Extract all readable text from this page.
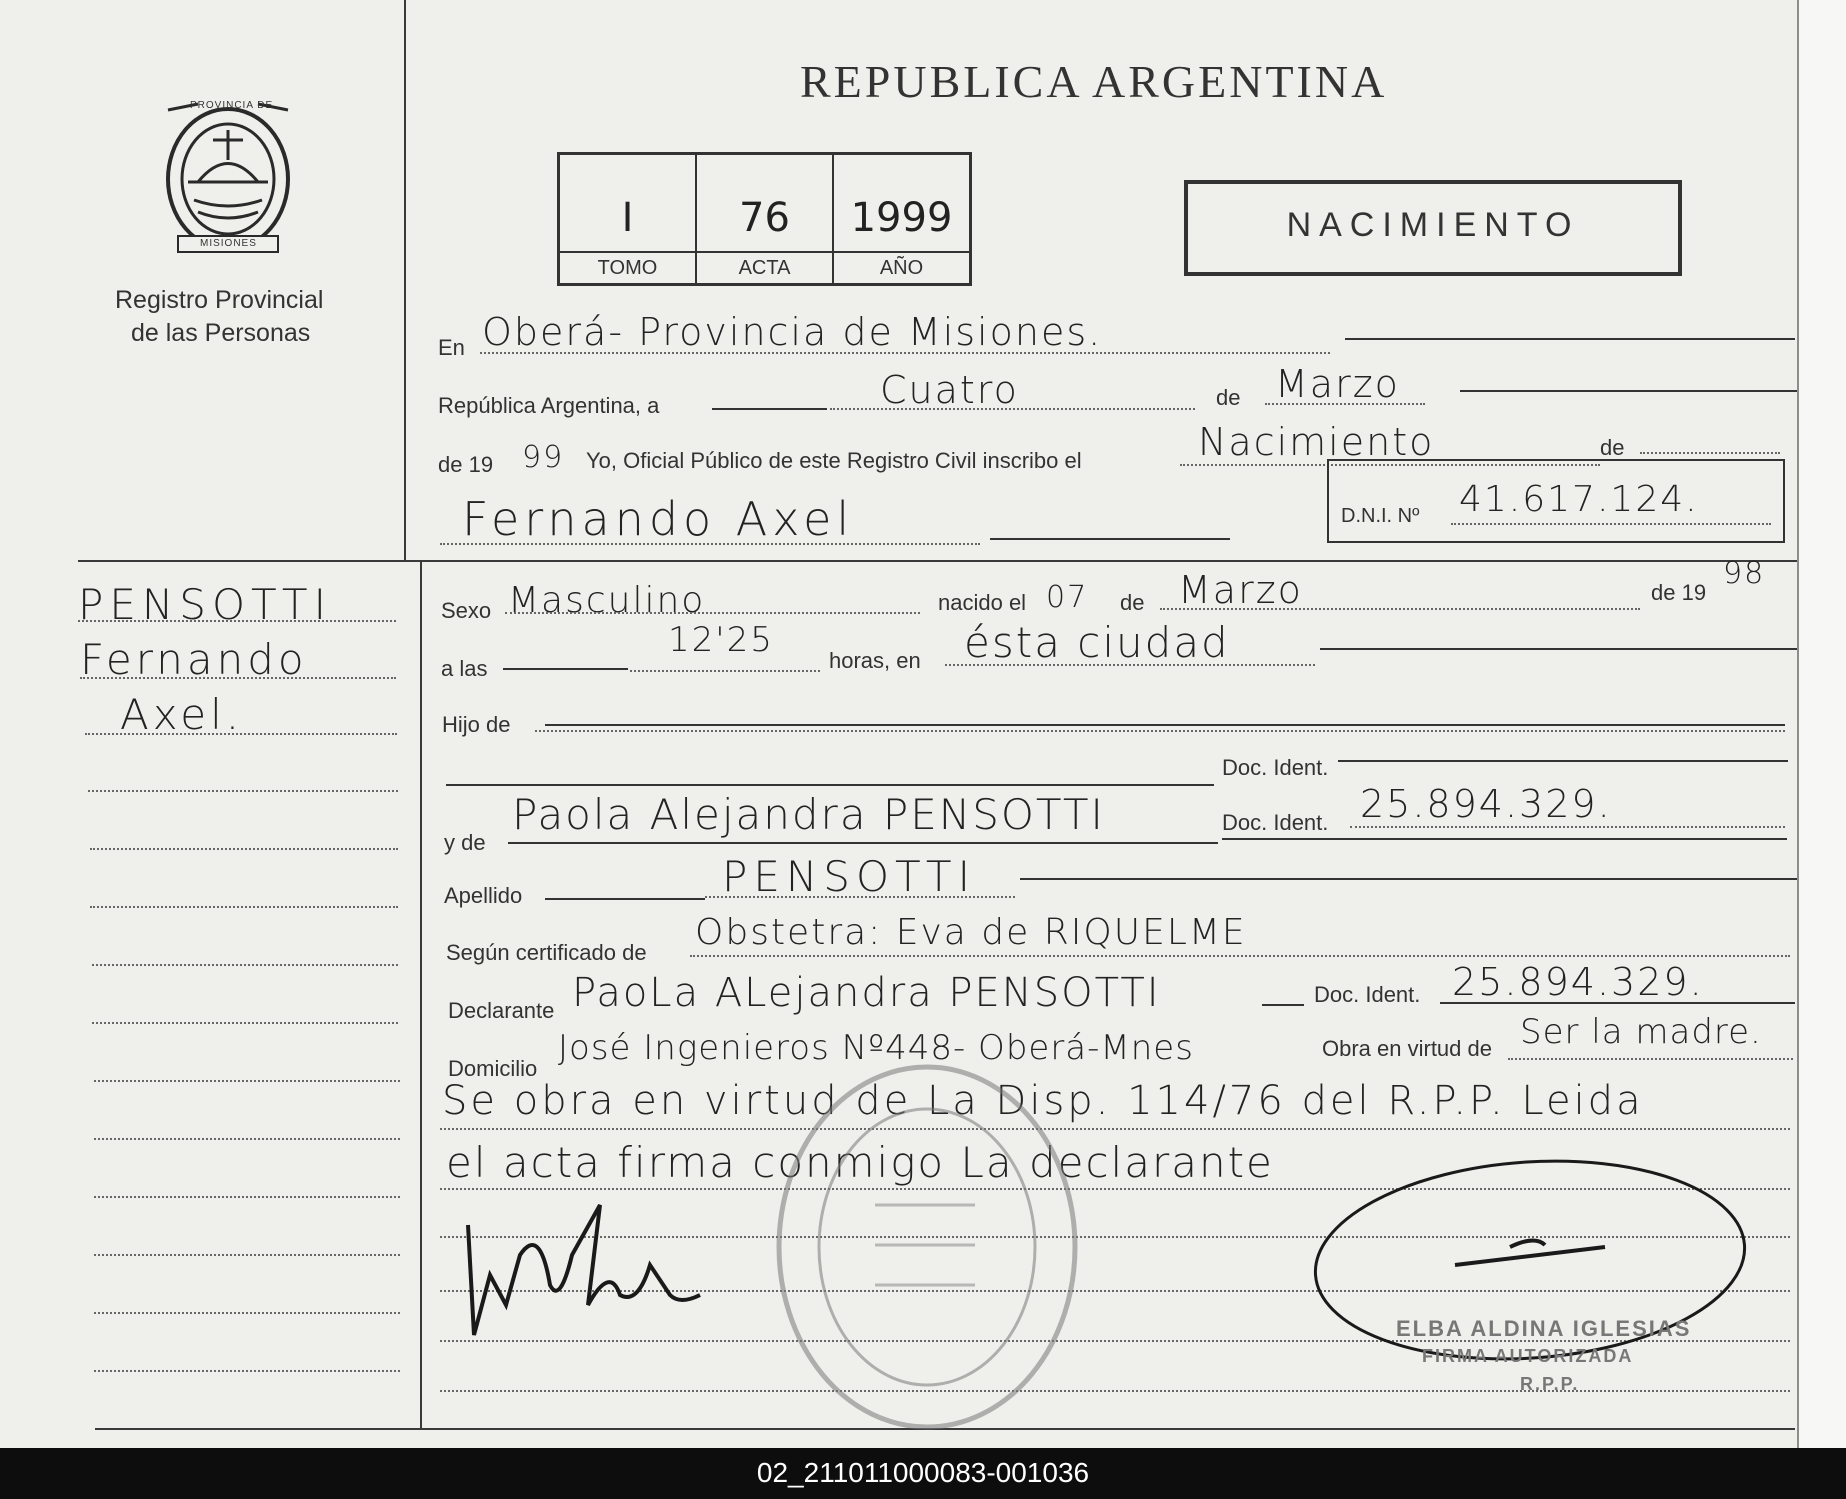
PROVINCIA DE
MISIONES
Registro Provincial
de las Personas
REPUBLICA ARGENTINA
I
TOMO
76
ACTA
1999
AÑO
NACIMIENTO
En Oberá- Provincia de Misiones.
República Argentina, a	Cuatro	de Marzo
de 19 99 Yo, Oficial Público de este Registro Civil inscribo el	Nacimiento	de
Fernando Axel	D.N.I. Nº 41.617.124.
PENSOTTI
Fernando
Axel.
Sexo Masculino	nacido el 07 de Marzo	de 19
98
a las
12'25
horas, en ésta ciudad
Hijo de
Doc. Ident.
y de
Paola Alejandra PENSOTTI	Doc. Ident. 25.894.329.
Apellido	PENSOTTI
Según certificado de Obstetra: Eva de RIQUELME
Declarante PaoLa ALejandra PENSOTTI	Doc. Ident. 25.894.329.
Domicilio
José Ingenieros Nº448- Oberá-Mnes	Obra en virtud de Ser la madre.
Se obra en virtud de La Disp. 114/76 del R.P.P. Leida
el acta firma conmigo La declarante
ELBA ALDINA IGLESIAS
FIRMA AUTORIZADA
R.P.P.
02_211011000083-001036
